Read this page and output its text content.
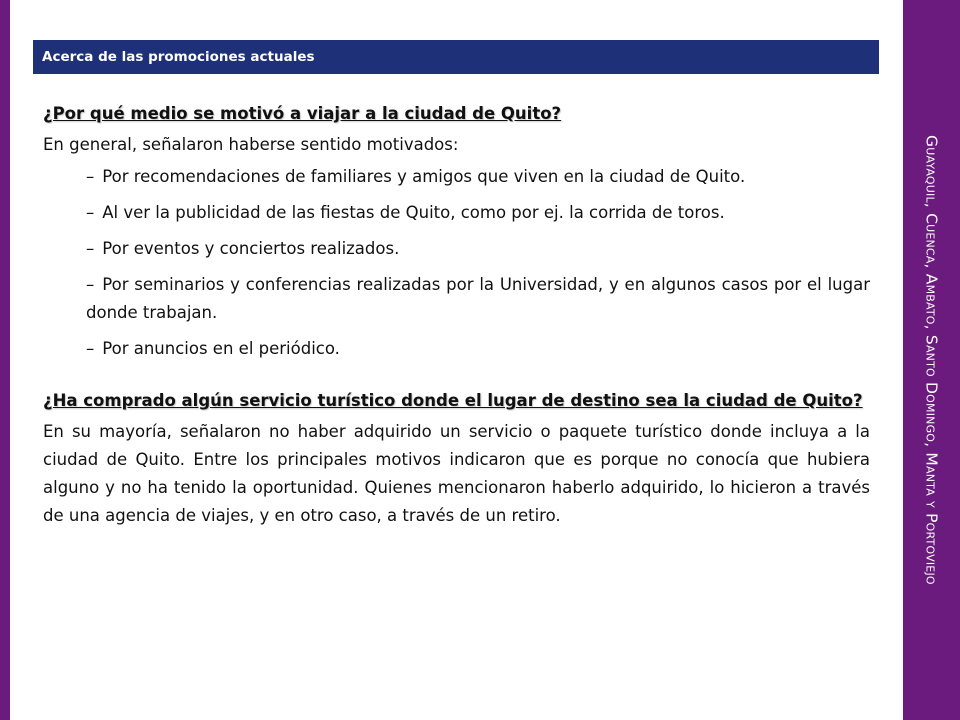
Guayaquil, Cuenca, Ambato, Santo Domingo, Manta y Portoviejo
Acerca de las promociones actuales
¿Por qué medio se motivó a viajar a la ciudad de Quito?
En general, señalaron haberse sentido motivados:
– Por recomendaciones de familiares y amigos que viven en la ciudad de Quito.
– Al ver la publicidad de las fiestas de Quito, como por ej. la corrida de toros.
– Por eventos y conciertos realizados.
– Por seminarios y conferencias realizadas por la Universidad, y en algunos casos por el lugar donde trabajan.
– Por anuncios en el periódico.
¿Ha comprado algún servicio turístico donde el lugar de destino sea la ciudad de Quito?
En su mayoría, señalaron no haber adquirido un servicio o paquete turístico donde incluya a la ciudad de Quito. Entre los principales motivos indicaron que es porque no conocía que hubiera alguno y no ha tenido la oportunidad. Quienes mencionaron haberlo adquirido, lo hicieron a través de una agencia de viajes, y en otro caso, a través de un retiro.
